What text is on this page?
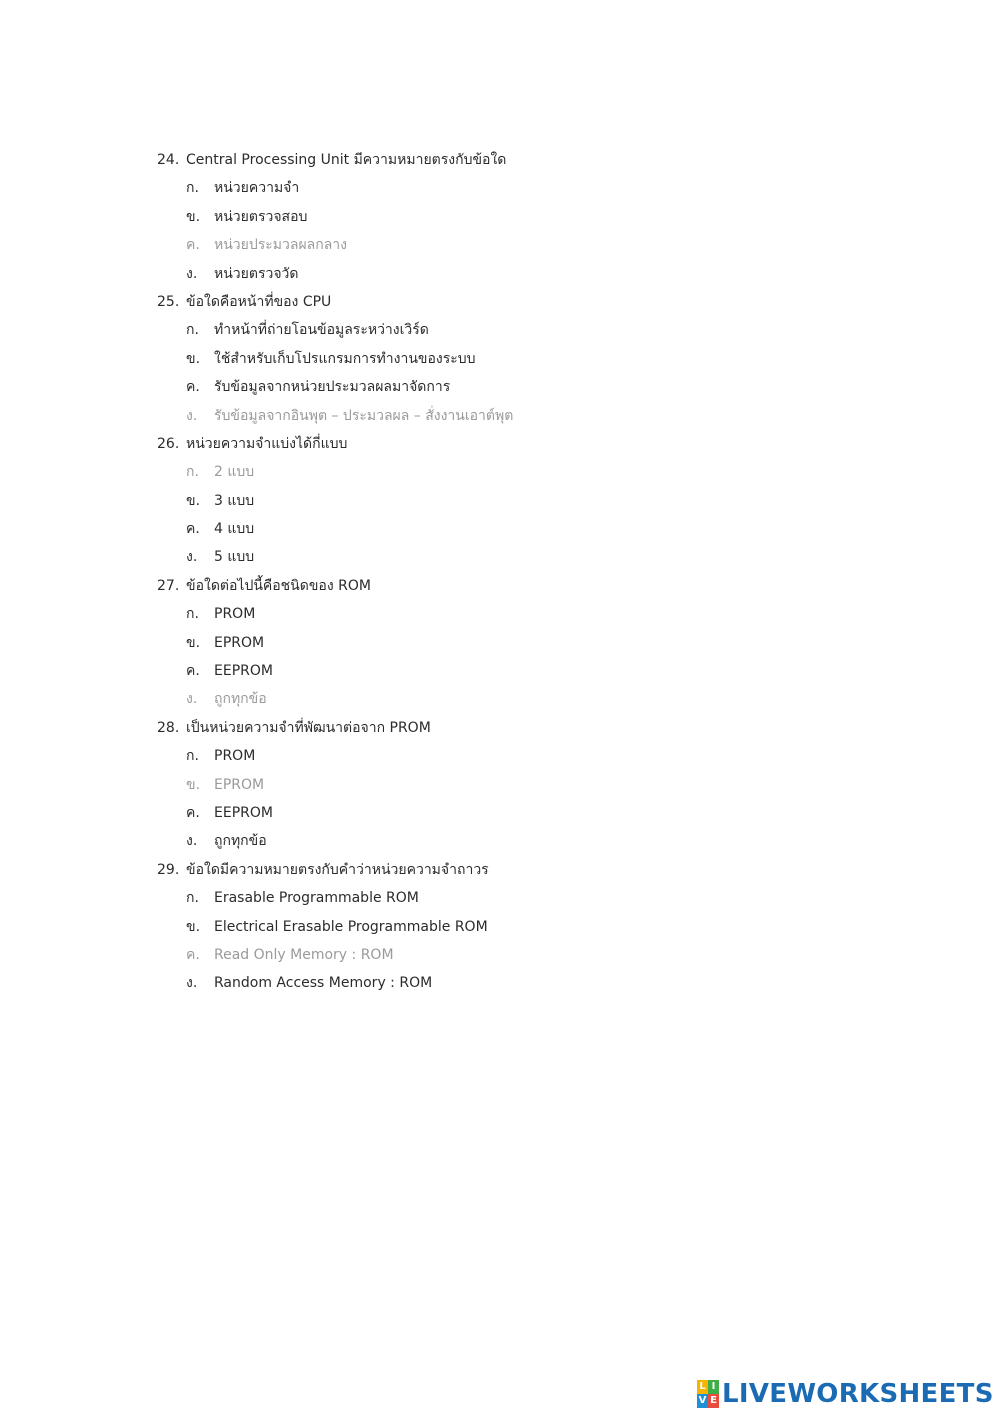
24. Central Processing Unit มีความหมายตรงกับข้อใด
ก.	หน่วยความจำ
ข. หน่วยตรวจสอบ
ค.	หน่วยประมวลผลกลาง
ง.	หน่วยตรวจวัด
25. ข้อใดคือหน้าที่ของ CPU
ก.	ทำหน้าที่ถ่ายโอนข้อมูลระหว่างเวิร์ด
ข. ใช้สำหรับเก็บโปรแกรมการทำงานของระบบ
ค.	รับข้อมูลจากหน่วยประมวลผลมาจัดการ
ง.	รับข้อมูลจากอินพุต – ประมวลผล – สั่งงานเอาต์พุต
26. หน่วยความจำแบ่งได้กี่แบบ
ก.	2 แบบ
ข. 3 แบบ
ค.	4 แบบ
ง.	5 แบบ
27. ข้อใดต่อไปนี้คือชนิดของ ROM
ก.	PROM
ข. EPROM
ค.	EEPROM
ง.	ถูกทุกข้อ
28. เป็นหน่วยความจำที่พัฒนาต่อจาก PROM
ก.	PROM
ข. EPROM
ค.	EEPROM
ง.	ถูกทุกข้อ
29. ข้อใดมีความหมายตรงกับคำว่าหน่วยความจำถาวร
ก.	Erasable Programmable ROM
ข. Electrical Erasable Programmable ROM
ค.	Read Only Memory : ROM
ง.	Random Access Memory : ROM
L I
V E LIVEWORKSHEETS
